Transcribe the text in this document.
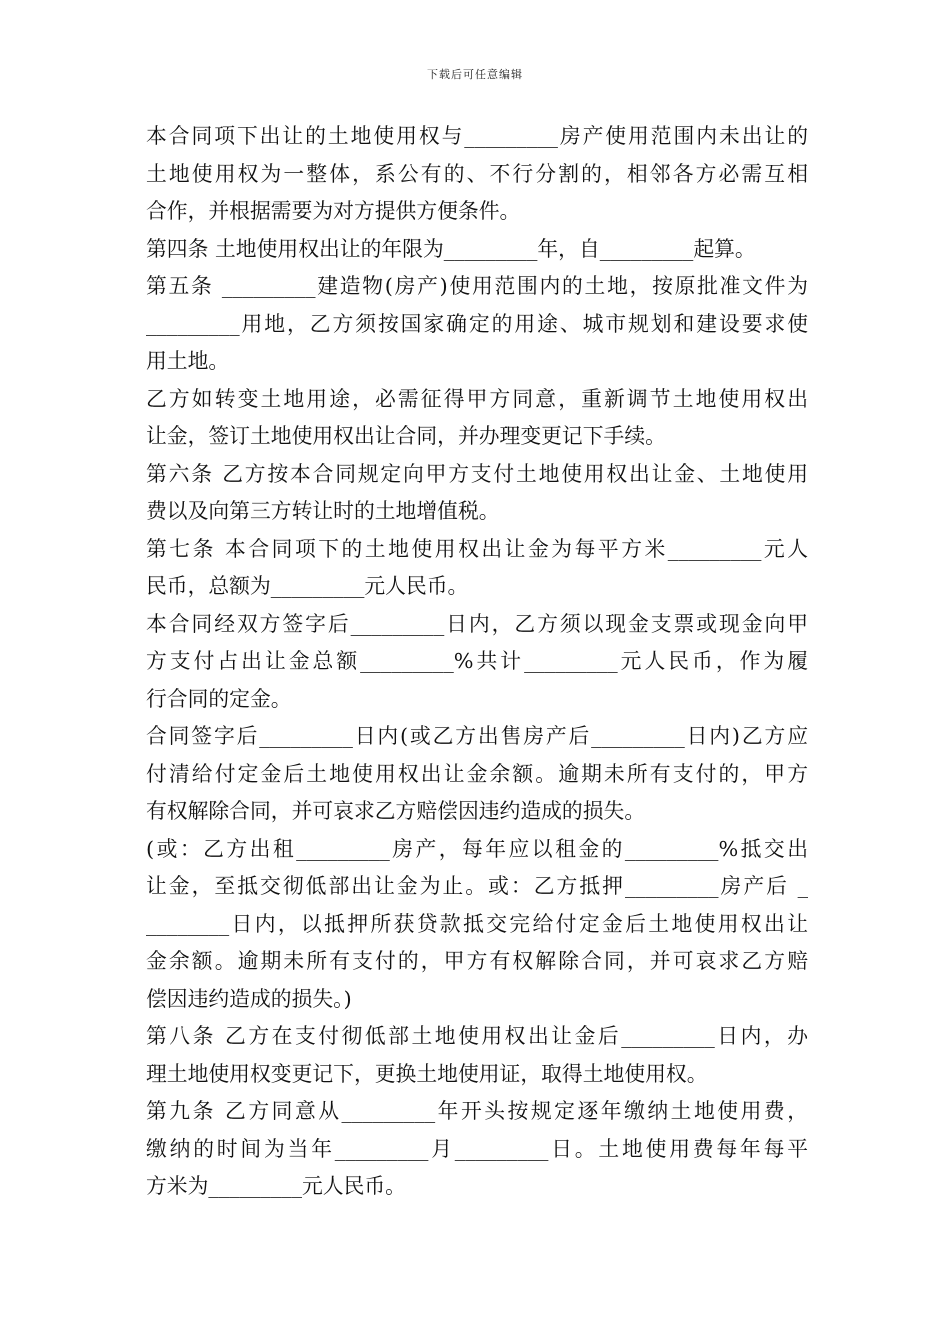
下载后可任意编辑
本合同项下出让的土地使用权与_________房产使用范围内未出让的
土地使用权为一整体，系公有的、不行分割的，相邻各方必需互相
合作，并根据需要为对方提供方便条件。
第四条 土地使用权出让的年限为_________年，自_________起算。
第五条 _________建造物(房产)使用范围内的土地，按原批准文件为
_________用地，乙方须按国家确定的用途、城市规划和建设要求使
用土地。
乙方如转变土地用途，必需征得甲方同意，重新调节土地使用权出
让金，签订土地使用权出让合同，并办理变更记下手续。
第六条 乙方按本合同规定向甲方支付土地使用权出让金、土地使用
费以及向第三方转让时的土地增值税。
第七条 本合同项下的土地使用权出让金为每平方米_________元人
民币，总额为_________元人民币。
本合同经双方签字后_________日内，乙方须以现金支票或现金向甲
方支付占出让金总额_________%共计_________元人民币，作为履
行合同的定金。
合同签字后_________日内(或乙方出售房产后_________日内)乙方应
付清给付定金后土地使用权出让金余额。逾期未所有支付的，甲方
有权解除合同，并可哀求乙方赔偿因违约造成的损失。
(或：乙方出租_________房产，每年应以租金的_________%抵交出
让金，至抵交彻低部出让金为止。或：乙方抵押_________房产后 _
________日内，以抵押所获贷款抵交完给付定金后土地使用权出让
金余额。逾期未所有支付的，甲方有权解除合同，并可哀求乙方赔
偿因违约造成的损失。)
第八条 乙方在支付彻低部土地使用权出让金后_________日内，办
理土地使用权变更记下，更换土地使用证，取得土地使用权。
第九条 乙方同意从_________年开头按规定逐年缴纳土地使用费，
缴纳的时间为当年_________月_________日。土地使用费每年每平
方米为_________元人民币。
